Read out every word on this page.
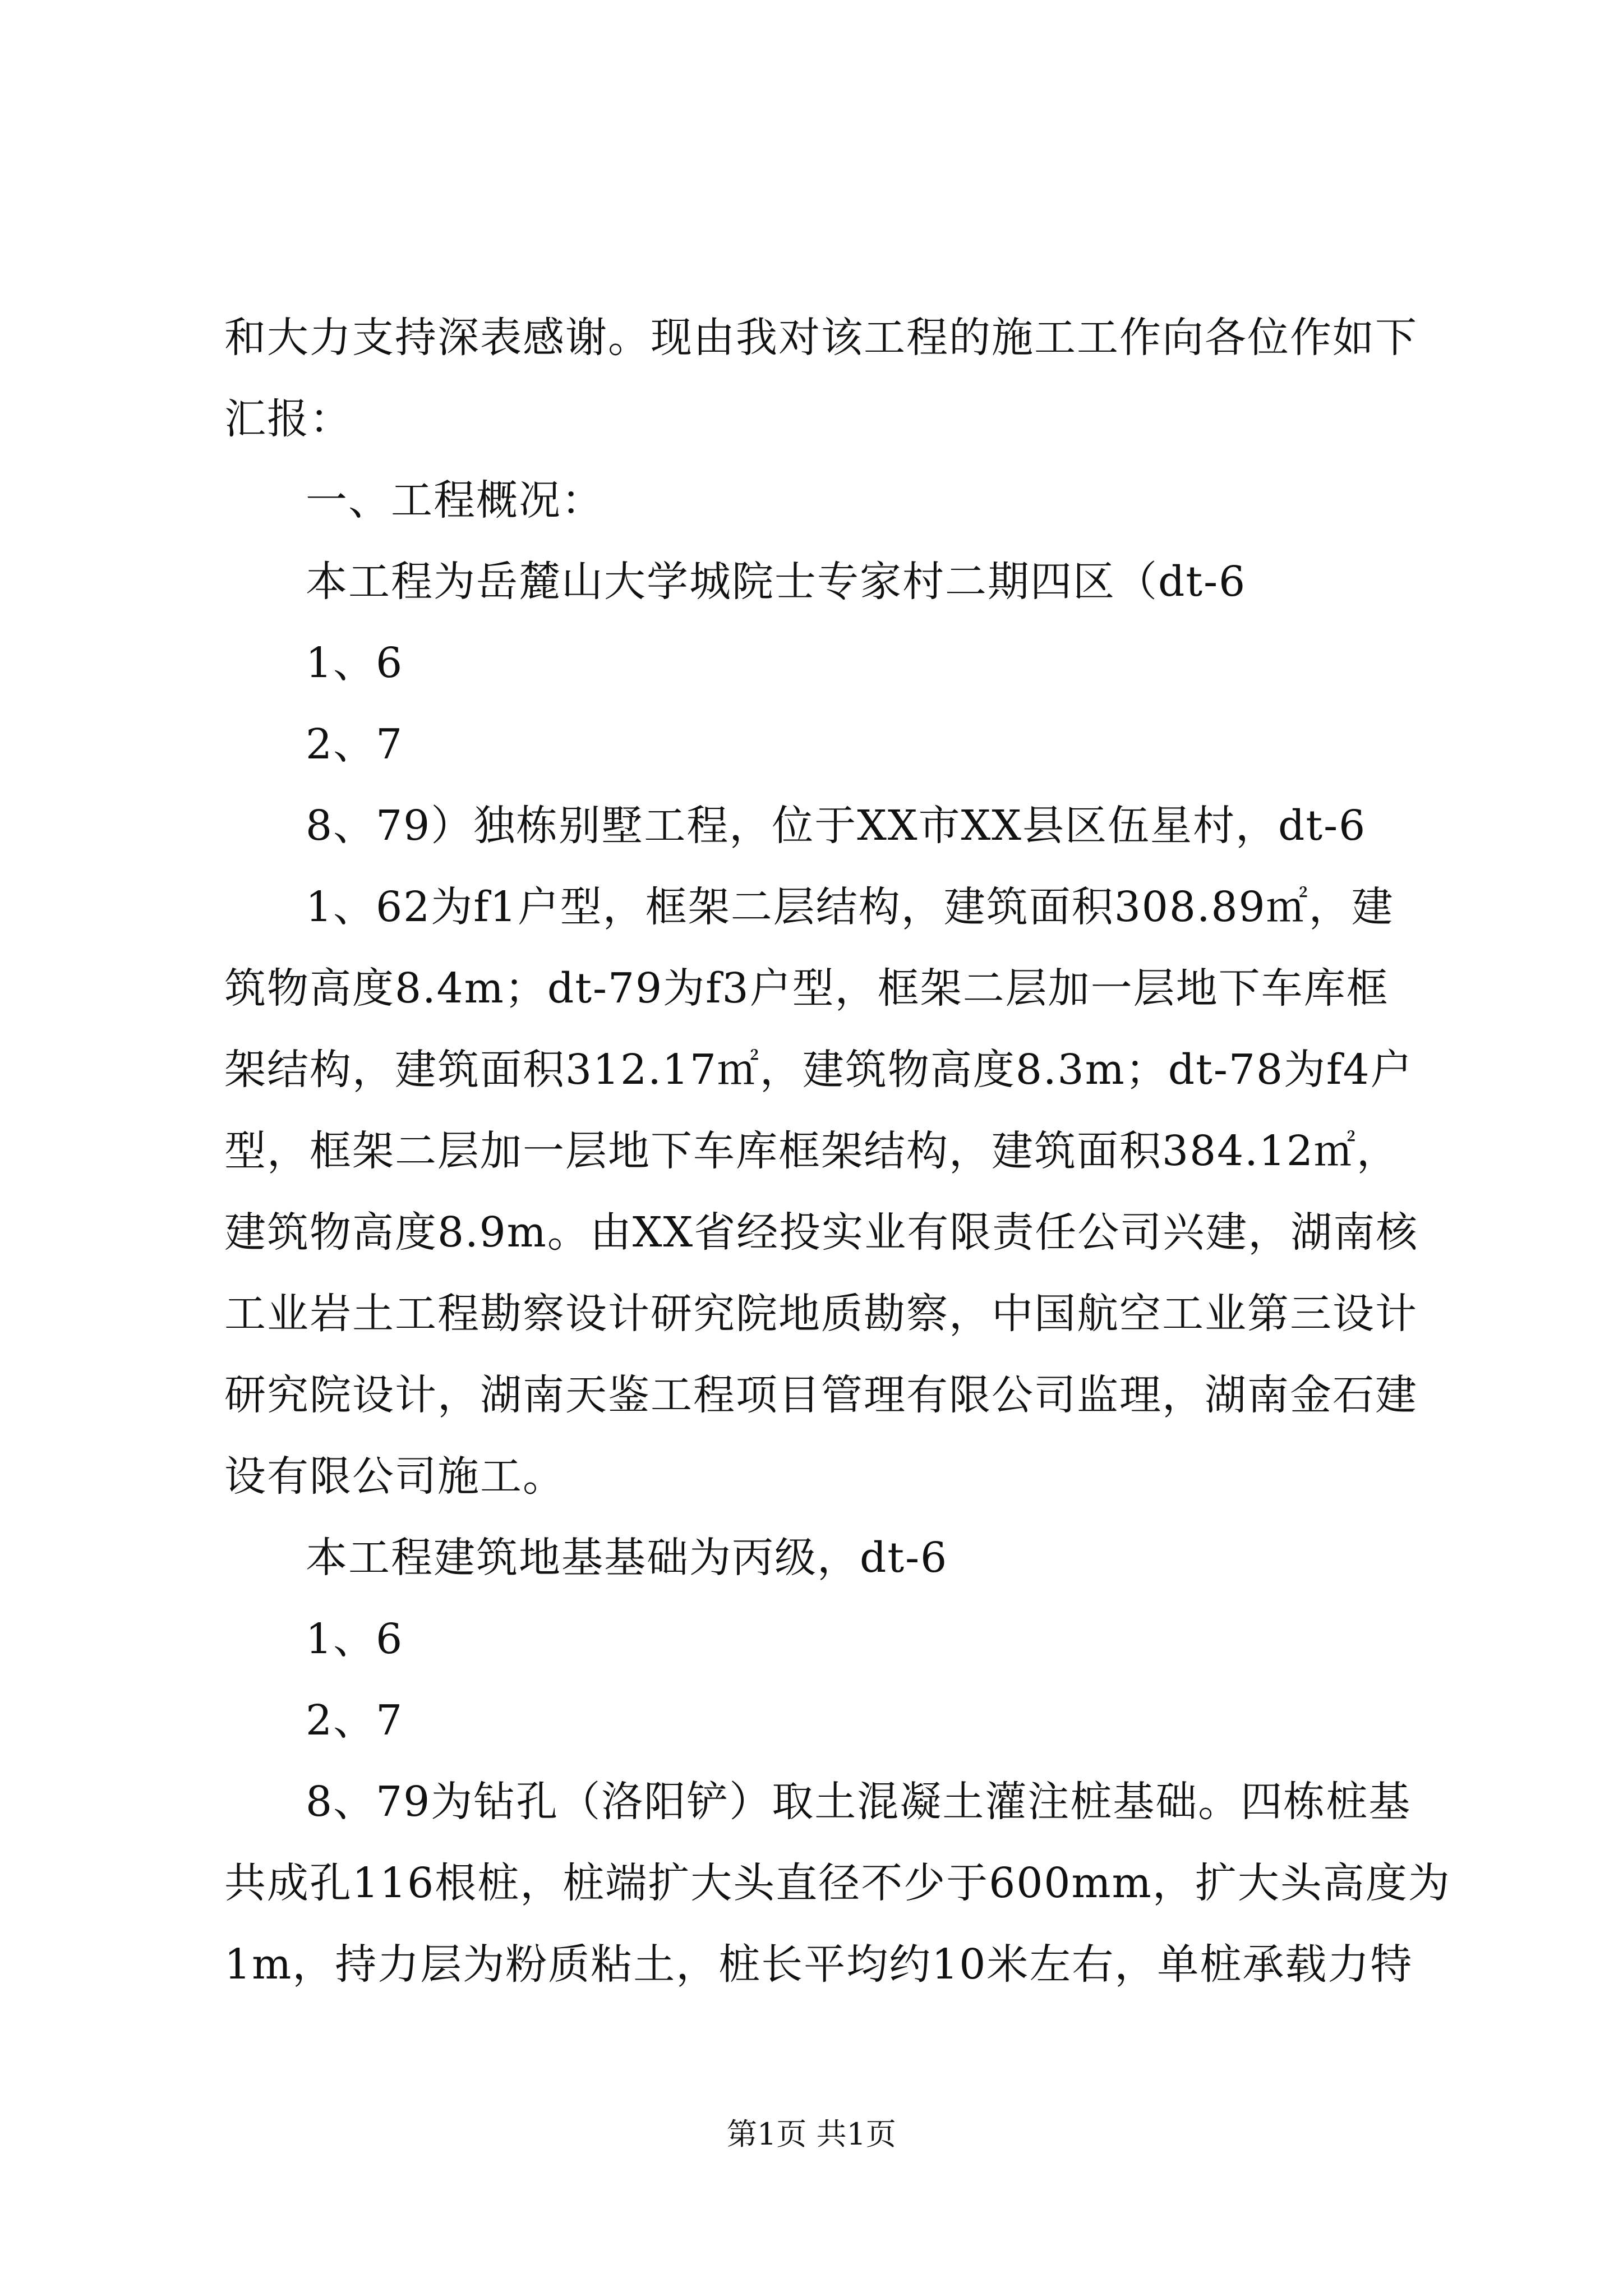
和大力支持深表感谢。现由我对该工程的施工工作向各位作如下
汇报：
一、工程概况：
本工程为岳麓山大学城院士专家村二期四区（dt-6
1、6
2、7
8、79）独栋别墅工程，位于XX市XX县区伍星村，dt-6
1、62为f1户型，框架二层结构，建筑面积308.89㎡，建
筑物高度8.4m；dt-79为f3户型，框架二层加一层地下车库框
架结构，建筑面积312.17㎡，建筑物高度8.3m；dt-78为f4户
型，框架二层加一层地下车库框架结构，建筑面积384.12㎡，
建筑物高度8.9m。由XX省经投实业有限责任公司兴建，湖南核
工业岩土工程勘察设计研究院地质勘察，中国航空工业第三设计
研究院设计，湖南天鉴工程项目管理有限公司监理，湖南金石建
设有限公司施工。
本工程建筑地基基础为丙级，dt-6
1、6
2、7
8、79为钻孔（洛阳铲）取土混凝土灌注桩基础。四栋桩基
共成孔116根桩，桩端扩大头直径不少于600mm，扩大头高度为
1m，持力层为粉质粘土，桩长平均约10米左右，单桩承载力特
第1页 共1页
